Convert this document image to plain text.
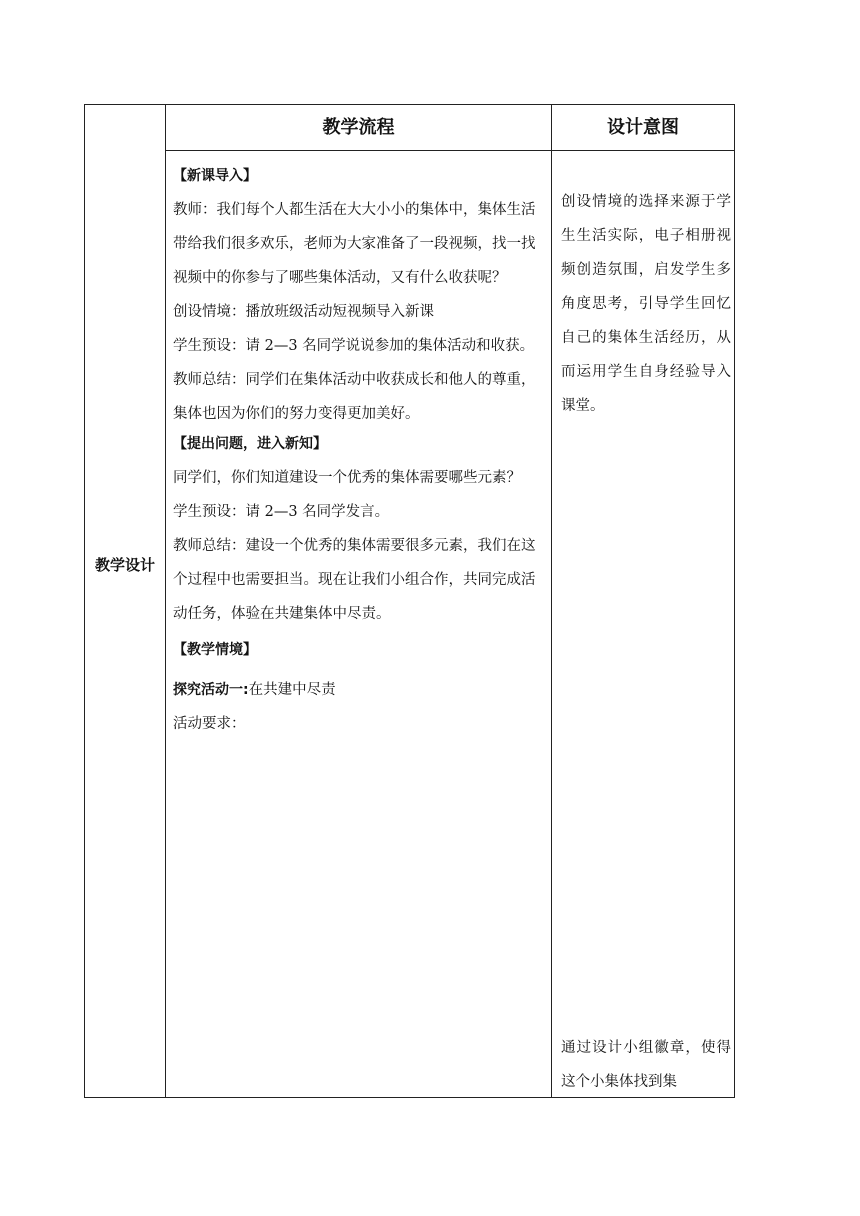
教学设计
教学流程	设计意图

【新课导入】

教师：我们每个人都生活在大大小小的集体中，集体生活带给我们很多欢乐，老师为大家准备了一段视频，找一找视频中的你参与了哪些集体活动，又有什么收获呢？

创设情境：播放班级活动短视频导入新课

学生预设：请 2—3 名同学说说参加的集体活动和收获。

教师总结：同学们在集体活动中收获成长和他人的尊重，集体也因为你们的努力变得更加美好。

【提出问题，进入新知】

同学们，你们知道建设一个优秀的集体需要哪些元素？

学生预设：请 2—3 名同学发言。

教师总结：建设一个优秀的集体需要很多元素，我们在这个过程中也需要担当。现在让我们小组合作，共同完成活动任务，体验在共建集体中尽责。

【教学情境】

探究活动一:在共建中尽责

活动要求：

创设情境的选择来源于学生生活实际，电子相册视频创造氛围，启发学生多角度思考，引导学生回忆自己的集体生活经历，从而运用学生自身经验导入课堂。
通过设计小组徽章，使得这个小集体找到集
